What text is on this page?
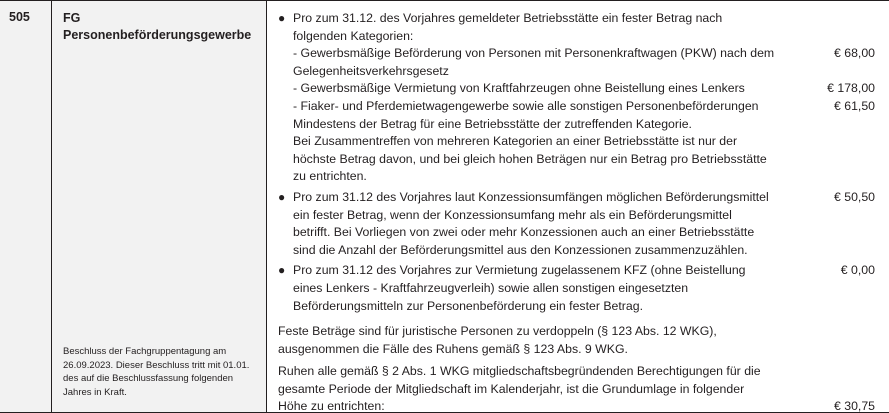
505	FG
Personenbeförderungsgewerbe
Beschluss der Fachgruppentagung am 26.09.2023. Dieser Beschluss tritt mit 01.01. des auf die Beschlussfassung folgenden Jahres in Kraft.
● Pro zum 31.12. des Vorjahres gemeldeter Betriebsstätte ein fester Betrag nach
folgenden Kategorien:
- Gewerbsmäßige Beförderung von Personen mit Personenkraftwagen (PKW) nach dem	€ 68,00
Gelegenheitsverkehrsgesetz
- Gewerbsmäßige Vermietung von Kraftfahrzeugen ohne Beistellung eines Lenkers	€ 178,00
- Fiaker- und Pferdemietwagengewerbe sowie alle sonstigen Personenbeförderungen	€ 61,50
Mindestens der Betrag für eine Betriebsstätte der zutreffenden Kategorie.
Bei Zusammentreffen von mehreren Kategorien an einer Betriebsstätte ist nur der
höchste Betrag davon, und bei gleich hohen Beträgen nur ein Betrag pro Betriebsstätte
zu entrichten.
● Pro zum 31.12 des Vorjahres laut Konzessionsumfängen möglichen Beförderungsmittel	€ 50,50
ein fester Betrag, wenn der Konzessionsumfang mehr als ein Beförderungsmittel
betrifft. Bei Vorliegen von zwei oder mehr Konzessionen auch an einer Betriebsstätte
sind die Anzahl der Beförderungsmittel aus den Konzessionen zusammenzuzählen.
● Pro zum 31.12 des Vorjahres zur Vermietung zugelassenem KFZ (ohne Beistellung	€ 0,00
eines Lenkers - Kraftfahrzeugverleih) sowie allen sonstigen eingesetzten
Beförderungsmitteln zur Personenbeförderung ein fester Betrag.
Feste Beträge sind für juristische Personen zu verdoppeln (§ 123 Abs. 12 WKG),
ausgenommen die Fälle des Ruhens gemäß § 123 Abs. 9 WKG.
Ruhen alle gemäß § 2 Abs. 1 WKG mitgliedschaftsbegründenden Berechtigungen für die
gesamte Periode der Mitgliedschaft im Kalenderjahr, ist die Grundumlage in folgender
Höhe zu entrichten:	€ 30,75
